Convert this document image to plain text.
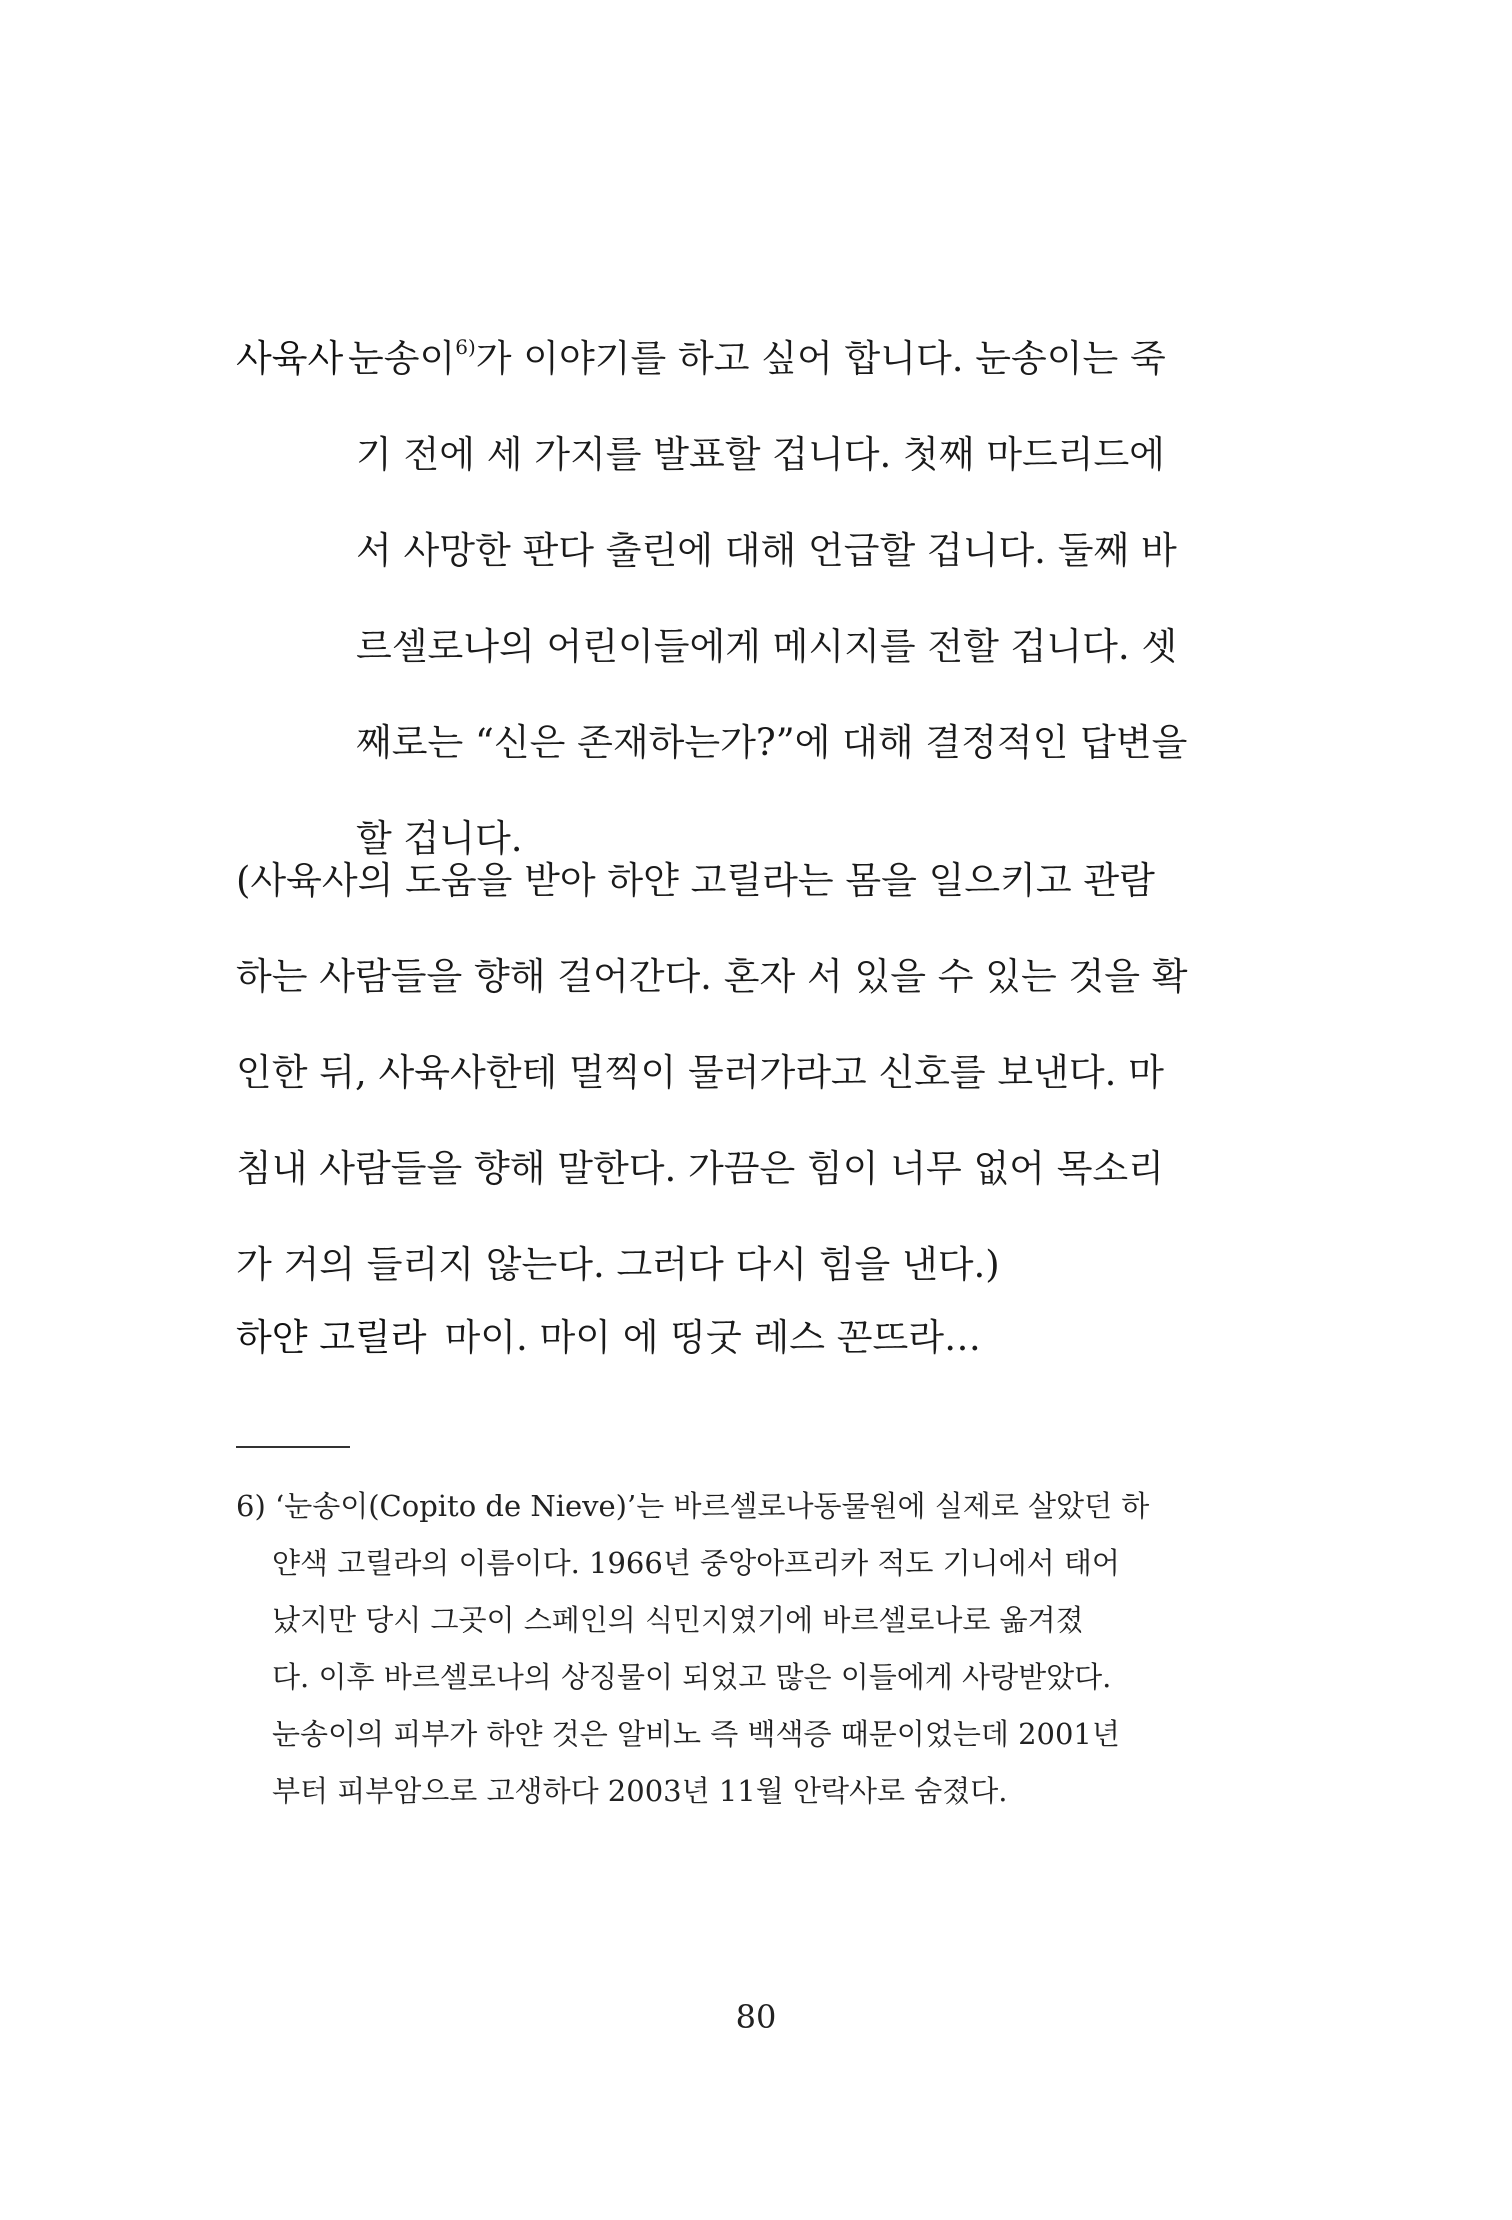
사육사 눈송이$^{6)}$가 이야기를 하고 싶어 합니다. 눈송이는 죽
기 전에 세 가지를 발표할 겁니다. 첫째 마드리드에
서 사망한 판다 출린에 대해 언급할 겁니다. 둘째 바
르셀로나의 어린이들에게 메시지를 전할 겁니다. 셋
째로는 “신은 존재하는가?”에 대해 결정적인 답변을
할 겁니다.
(사육사의 도움을 받아 하얀 고릴라는 몸을 일으키고 관람
하는 사람들을 향해 걸어간다. 혼자 서 있을 수 있는 것을 확
인한 뒤, 사육사한테 멀찍이 물러가라고 신호를 보낸다. 마
침내 사람들을 향해 말한다. 가끔은 힘이 너무 없어 목소리
가 거의 들리지 않는다. 그러다 다시 힘을 낸다.)
하얀 고릴라 마이. 마이 에 띵굿 레스 꼰뜨라…
6) ‘눈송이(Copito de Nieve)’는 바르셀로나동물원에 실제로 살았던 하
얀색 고릴라의 이름이다. 1966년 중앙아프리카 적도 기니에서 태어
났지만 당시 그곳이 스페인의 식민지였기에 바르셀로나로 옮겨졌
다. 이후 바르셀로나의 상징물이 되었고 많은 이들에게 사랑받았다.
눈송이의 피부가 하얀 것은 알비노 즉 백색증 때문이었는데 2001년
부터 피부암으로 고생하다 2003년 11월 안락사로 숨졌다.
80
